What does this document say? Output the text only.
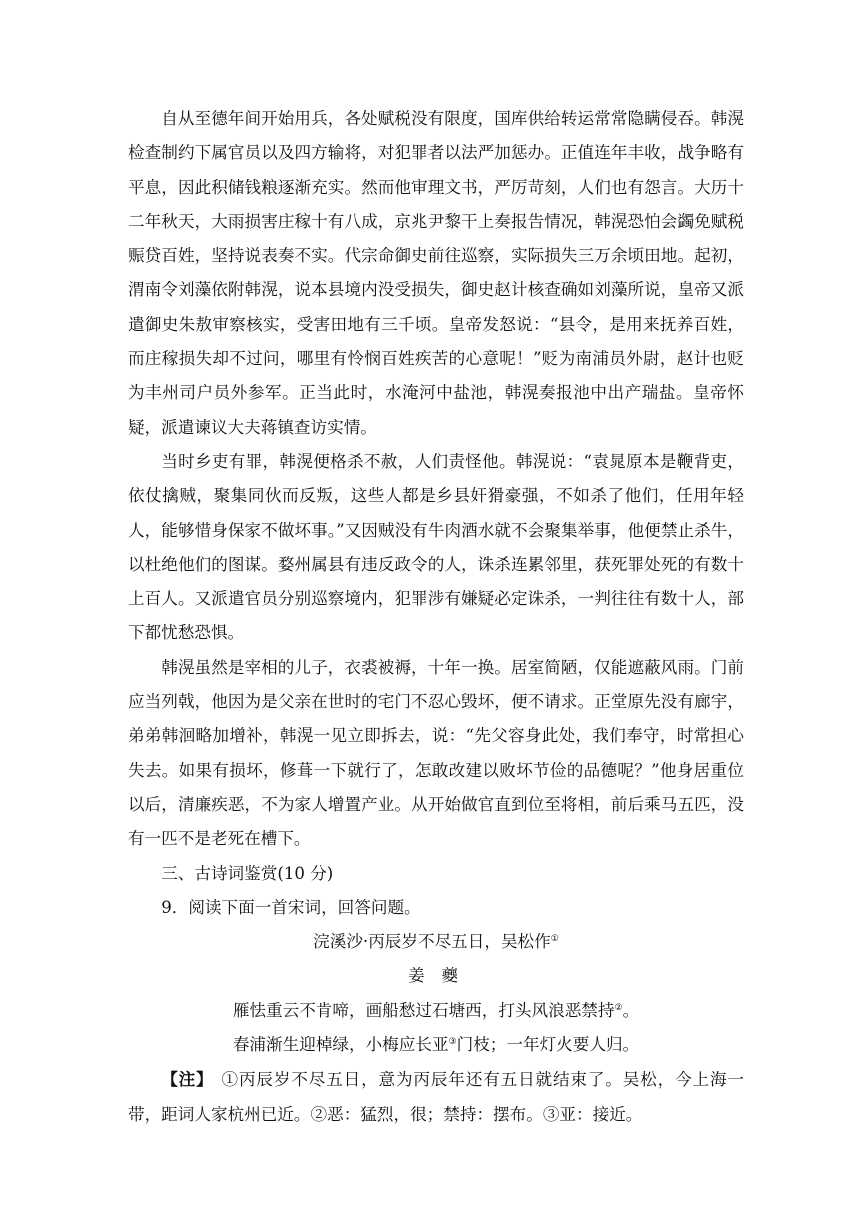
自从至德年间开始用兵，各处赋税没有限度，国库供给转运常常隐瞒侵吞。韩滉检查制约下属官员以及四方输将，对犯罪者以法严加惩办。正值连年丰收，战争略有平息，因此积储钱粮逐渐充实。然而他审理文书，严厉苛刻，人们也有怨言。大历十二年秋天，大雨损害庄稼十有八成，京兆尹黎干上奏报告情况，韩滉恐怕会蠲免赋税赈贷百姓，坚持说表奏不实。代宗命御史前往巡察，实际损失三万余顷田地。起初，渭南令刘藻依附韩滉，说本县境内没受损失，御史赵计核查确如刘藻所说，皇帝又派遣御史朱敖审察核实，受害田地有三千顷。皇帝发怒说：“县令，是用来抚养百姓，而庄稼损失却不过问，哪里有怜悯百姓疾苦的心意呢！”贬为南浦员外尉，赵计也贬为丰州司户员外参军。正当此时，水淹河中盐池，韩滉奏报池中出产瑞盐。皇帝怀疑，派遣谏议大夫蒋镇查访实情。

当时乡吏有罪，韩滉便格杀不赦，人们责怪他。韩滉说：“袁晁原本是鞭背吏，依仗擒贼，聚集同伙而反叛，这些人都是乡县奸猾豪强，不如杀了他们，任用年轻人，能够惜身保家不做坏事。”又因贼没有牛肉酒水就不会聚集举事，他便禁止杀牛，以杜绝他们的图谋。婺州属县有违反政令的人，诛杀连累邻里，获死罪处死的有数十上百人。又派遣官员分别巡察境内，犯罪涉有嫌疑必定诛杀，一判往往有数十人，部下都忧愁恐惧。

韩滉虽然是宰相的儿子，衣裘被褥，十年一换。居室简陋，仅能遮蔽风雨。门前应当列戟，他因为是父亲在世时的宅门不忍心毁坏，便不请求。正堂原先没有廊宇，弟弟韩洄略加增补，韩滉一见立即拆去，说：“先父容身此处，我们奉守，时常担心失去。如果有损坏，修葺一下就行了，怎敢改建以败坏节俭的品德呢？”他身居重位以后，清廉疾恶，不为家人增置产业。从开始做官直到位至将相，前后乘马五匹，没有一匹不是老死在槽下。

三、古诗词鉴赏(10 分)

9．阅读下面一首宋词，回答问题。

浣溪沙·丙辰岁不尽五日，吴松作①

姜 夔

雁怯重云不肯啼，画船愁过石塘西，打头风浪恶禁持②。

春浦渐生迎棹绿，小梅应长亚③门枝；一年灯火要人归。

【注】 ①丙辰岁不尽五日，意为丙辰年还有五日就结束了。吴松，今上海一带，距词人家杭州已近。②恶：猛烈，很；禁持：摆布。③亚：接近。
